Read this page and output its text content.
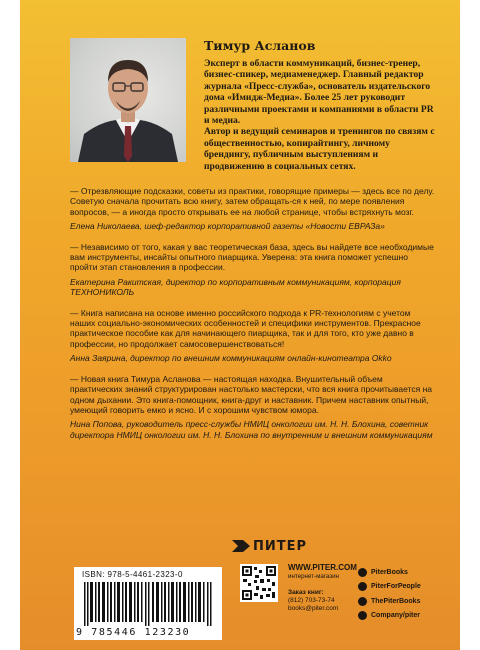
Тимур Асланов

Эксперт в области коммуникаций, бизнес-тренер, бизнес-спикер, медиаменеджер. Главный редактор журнала «Пресс-служба», основатель издательского дома «Имидж-Медиа». Более 25 лет руководит различными проектами и компаниями в области PR и медиа.

Автор и ведущий семинаров и тренингов по связям с общественностью, копирайтингу, личному брендингу, публичным выступлениям и продвижению в социальных сетях.

— Отрезвляющие подсказки, советы из практики, говорящие примеры — здесь все по делу. Советую сначала прочитать всю книгу, затем обращать-ся к ней, по мере появления вопросов, — а иногда просто открывать ее на любой странице, чтобы встряхнуть мозг.

Елена Николаева, шеф-редактор корпоративной газеты «Новости ЕВРАЗа»

— Независимо от того, какая у вас теоретическая база, здесь вы найдете все необходимые вам инструменты, инсайты опытного пиарщика. Уверена: эта книга поможет успешно пройти этап становления в профессии.

Екатерина Ракитская, директор по корпоративным коммуникациям, корпорация ТЕХНОНИКОЛЬ

— Книга написана на основе именно российского подхода к PR-технологиям с учетом наших социально-экономических особенностей и специфики инструментов. Прекрасное практическое пособие как для начинающего пиарщика, так и для того, кто уже давно в профессии, но продолжает самосовершенствоваться!

Анна Заярина, директор по внешним коммуникациям онлайн-кинотеатра Okko

— Новая книга Тимура Асланова — настоящая находка. Внушительный объем практических знаний структурирован настолько мастерски, что вся книга прочитывается на одном дыхании. Это книга-помощник, книга-друг и наставник. Причем наставник опытный, умеющий говорить емко и ясно. И с хорошим чувством юмора.

Нина Попова, руководитель пресс-службы НМИЦ онкологии им. Н. Н. Блохина, советник директора НМИЦ онкологии им. Н. Н. Блохина по внутренним и внешним коммуникациям

ПИТЕР
ISBN: 978-5-4461-2323-0
9 785446 123230
WWW.PITER.COM
интернет-магазин
Заказ книг:
(812) 703-73-74
books@piter.com
PiterBooks
PiterForPeople
ThePiterBooks
Company/piter
